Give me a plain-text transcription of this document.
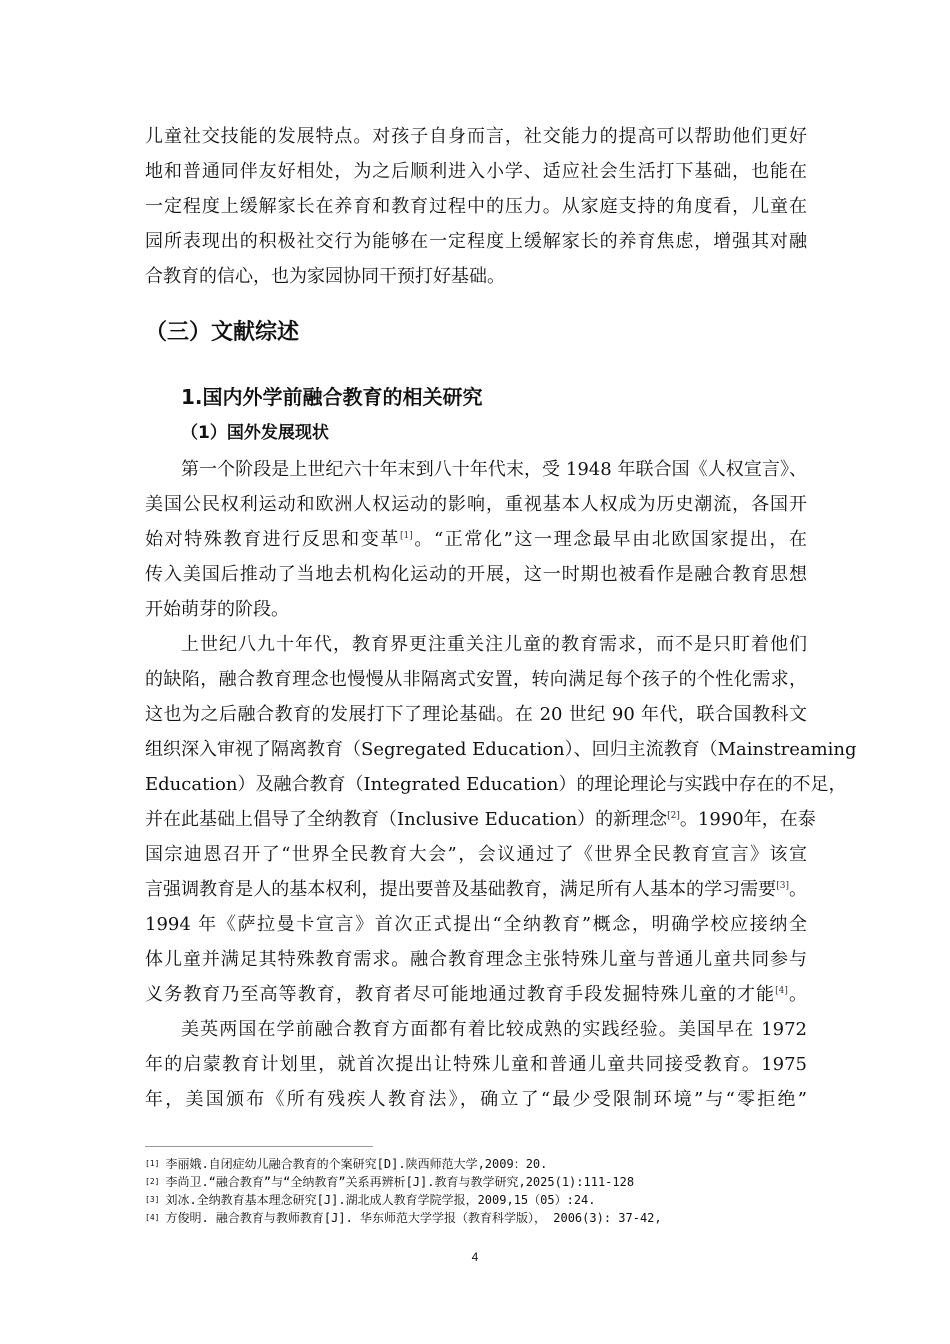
儿童社交技能的发展特点。对孩子自身而言，社交能力的提高可以帮助他们更好
地和普通同伴友好相处，为之后顺利进入小学、适应社会生活打下基础，也能在
一定程度上缓解家长在养育和教育过程中的压力。从家庭支持的角度看，儿童在
园所表现出的积极社交行为能够在一定程度上缓解家长的养育焦虑，增强其对融
合教育的信心，也为家园协同干预打好基础。
（三）文献综述
1.国内外学前融合教育的相关研究
（1）国外发展现状
第一个阶段是上世纪六十年末到八十年代末，受 1948 年联合国《人权宣言》、
美国公民权利运动和欧洲人权运动的影响，重视基本人权成为历史潮流，各国开
始对特殊教育进行反思和变革[1]。“正常化”这一理念最早由北欧国家提出，在
传入美国后推动了当地去机构化运动的开展，这一时期也被看作是融合教育思想
开始萌芽的阶段。
上世纪八九十年代，教育界更注重关注儿童的教育需求，而不是只盯着他们
的缺陷，融合教育理念也慢慢从非隔离式安置，转向满足每个孩子的个性化需求，
这也为之后融合教育的发展打下了理论基础。在 20 世纪 90 年代，联合国教科文
组织深入审视了隔离教育（Segregated Education）、回归主流教育（Mainstreaming
Education）及融合教育（Integrated Education）的理论理论与实践中存在的不足，
并在此基础上倡导了全纳教育（Inclusive Education）的新理念[2]。1990年，在泰
国宗迪恩召开了“世界全民教育大会”，会议通过了《世界全民教育宣言》该宣
言强调教育是人的基本权利，提出要普及基础教育，满足所有人基本的学习需要[3]。
1994 年《萨拉曼卡宣言》首次正式提出“全纳教育”概念，明确学校应接纳全
体儿童并满足其特殊教育需求。融合教育理念主张特殊儿童与普通儿童共同参与
义务教育乃至高等教育，教育者尽可能地通过教育手段发掘特殊儿童的才能[4]。
美英两国在学前融合教育方面都有着比较成熟的实践经验。美国早在 1972
年的启蒙教育计划里，就首次提出让特殊儿童和普通儿童共同接受教育。1975
年，美国颁布《所有残疾人教育法》，确立了“最少受限制环境”与“零拒绝”
[1] 李丽娥.自闭症幼儿融合教育的个案研究[D].陕西师范大学,2009：20.
[2] 李尚卫.“融合教育”与“全纳教育”关系再辨析[J].教育与教学研究,2025(1):111-128
[3] 刘冰.全纳教育基本理念研究[J].湖北成人教育学院学报，2009,15（05）:24.
[4] 方俊明. 融合教育与教师教育[J]. 华东师范大学学报（教育科学版）， 2006(3): 37-42,
4
